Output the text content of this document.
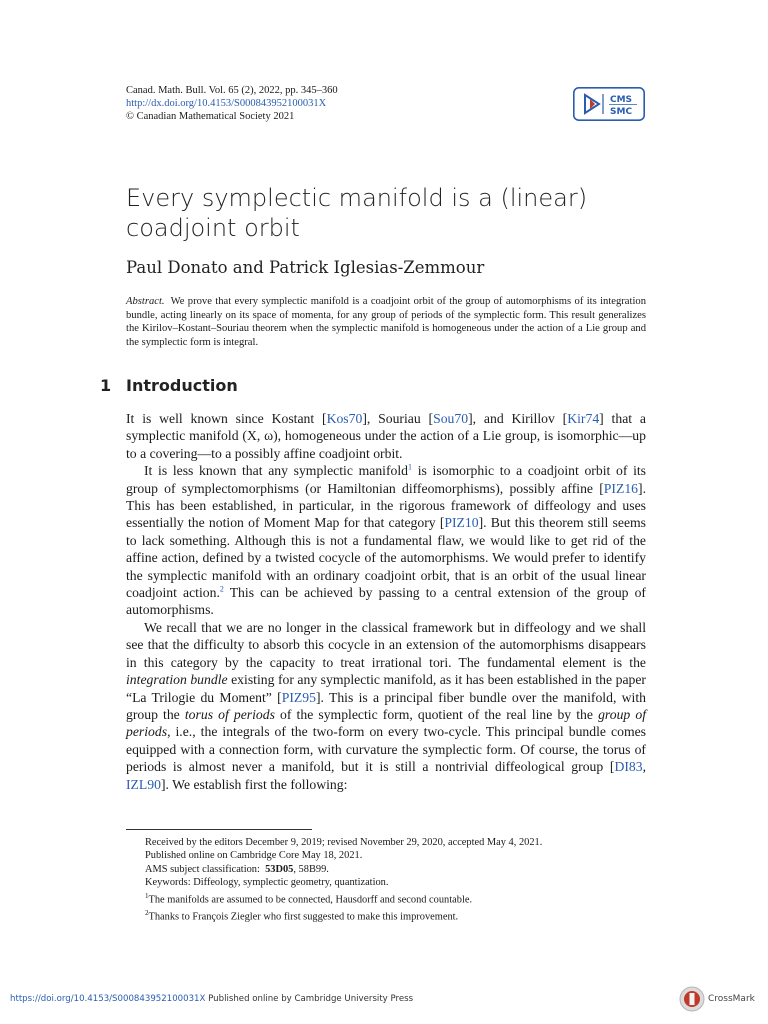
Canad. Math. Bull. Vol. 65 (2), 2022, pp. 345–360
http://dx.doi.org/10.4153/S000843952100031X
© Canadian Mathematical Society 2021
CMS
SMC
Every symplectic manifold is a (linear) coadjoint orbit
Paul Donato and Patrick Iglesias-Zemmour
Abstract. We prove that every symplectic manifold is a coadjoint orbit of the group of automorphisms of its integration bundle, acting linearly on its space of momenta, for any group of periods of the symplectic form. This result generalizes the Kirilov–Kostant–Souriau theorem when the symplectic manifold is homogeneous under the action of a Lie group and the symplectic form is integral.
1 Introduction

It is well known since Kostant [Kos70], Souriau [Sou70], and Kirillov [Kir74] that a symplectic manifold (X, ω), homogeneous under the action of a Lie group, is isomorphic—up to a covering—to a possibly affine coadjoint orbit.

It is less known that any symplectic manifold$^1$ is isomorphic to a coadjoint orbit of its group of symplectomorphisms (or Hamiltonian diffeomorphisms), possibly affine [PIZ16]. This has been established, in particular, in the rigorous framework of diffeology and uses essentially the notion of Moment Map for that category [PIZ10]. But this theorem still seems to lack something. Although this is not a fundamental flaw, we would like to get rid of the affine action, defined by a twisted cocycle of the automorphisms. We would prefer to identify the symplectic manifold with an ordinary coadjoint orbit, that is an orbit of the usual linear coadjoint action.$^2$ This can be achieved by passing to a central extension of the group of automorphisms.

We recall that we are no longer in the classical framework but in diffeology and we shall see that the difficulty to absorb this cocycle in an extension of the automorphisms disappears in this category by the capacity to treat irrational tori. The fundamental element is the integration bundle existing for any symplectic manifold, as it has been established in the paper “La Trilogie du Moment” [PIZ95]. This is a principal fiber bundle over the manifold, with group the torus of periods of the symplectic form, quotient of the real line by the group of periods, i.e., the integrals of the two-form on every two-cycle. This principal bundle comes equipped with a connection form, with curvature the symplectic form. Of course, the torus of periods is almost never a manifold, but it is still a nontrivial diffeological group [DI83, IZL90]. We establish first the following:

Received by the editors December 9, 2019; revised November 29, 2020, accepted May 4, 2021.
Published online on Cambridge Core May 18, 2021.
AMS subject classification: 53D05, 58B99.
Keywords: Diffeology, symplectic geometry, quantization.
$^1$The manifolds are assumed to be connected, Hausdorff and second countable.
$^2$Thanks to François Ziegler who first suggested to make this improvement.
https://doi.org/10.4153/S000843952100031X Published online by Cambridge University Press	CrossMark
